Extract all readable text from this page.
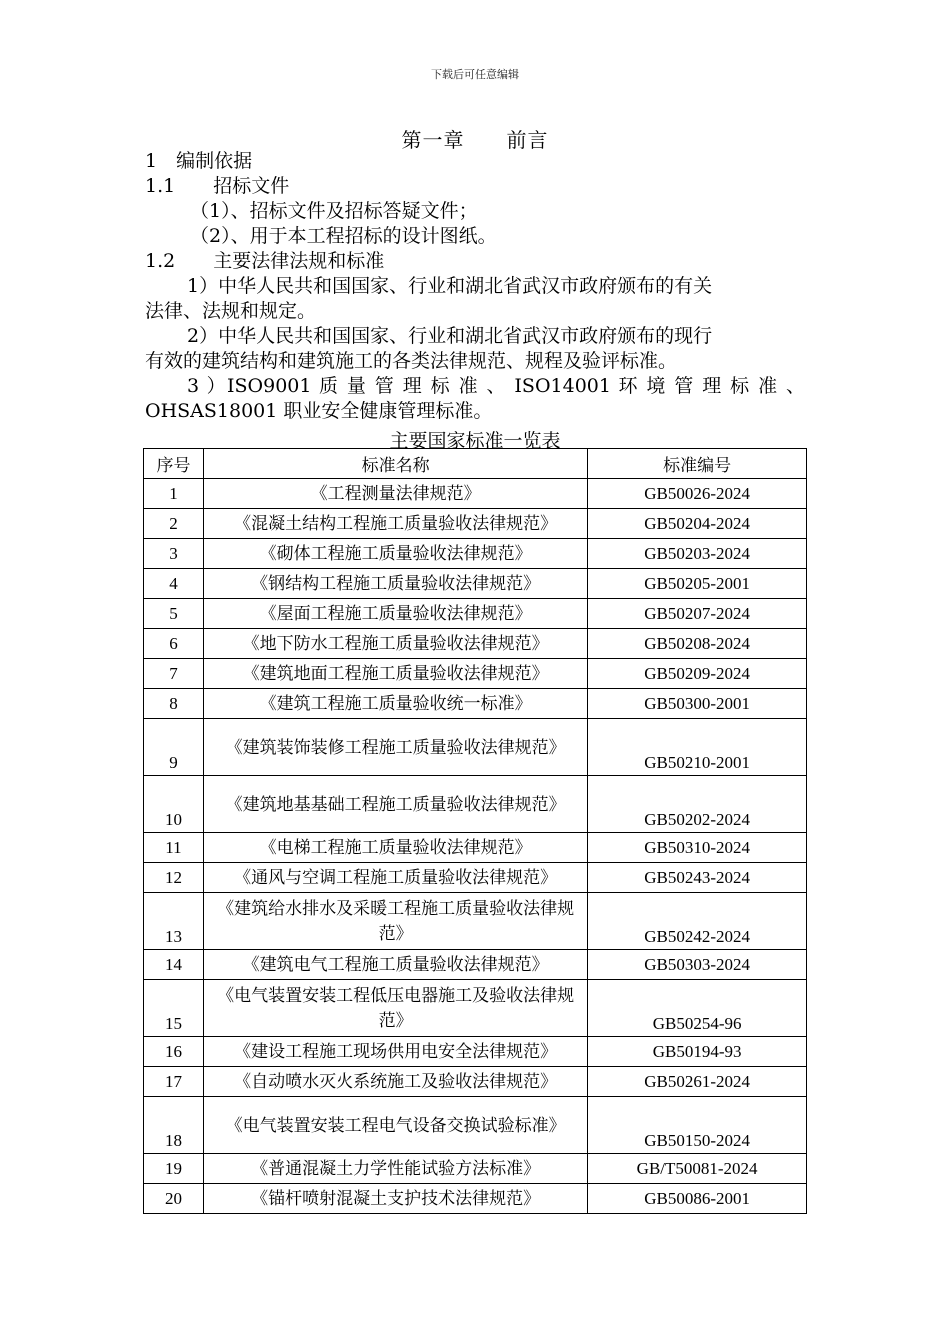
下载后可任意编辑
第一章　　前言
1　编制依据
1.1　　招标文件
（1）、招标文件及招标答疑文件；
（2）、用于本工程招标的设计图纸。
1.2　　主要法律法规和标准
1）中华人民共和国国家、行业和湖北省武汉市政府颁布的有关
法律、法规和规定。
2）中华人民共和国国家、行业和湖北省武汉市政府颁布的现行
有效的建筑结构和建筑施工的各类法律规范、规程及验评标准。
3 ）ISO9001 质 量 管 理 标 准 、 ISO14001 环 境 管 理 标 准 、
OHSAS18001 职业安全健康管理标准。
主要国家标准一览表
序号	标准名称	标准编号
1	《工程测量法律规范》	GB50026-2024
2	《混凝土结构工程施工质量验收法律规范》	GB50204-2024
3	《砌体工程施工质量验收法律规范》	GB50203-2024
4	《钢结构工程施工质量验收法律规范》	GB50205-2001
5	《屋面工程施工质量验收法律规范》	GB50207-2024
6	《地下防水工程施工质量验收法律规范》	GB50208-2024
7	《建筑地面工程施工质量验收法律规范》	GB50209-2024
8	《建筑工程施工质量验收统一标准》	GB50300-2001
9	《建筑装饰装修工程施工质量验收法律规范》	GB50210-2001
10	《建筑地基基础工程施工质量验收法律规范》	GB50202-2024
11	《电梯工程施工质量验收法律规范》	GB50310-2024
12	《通风与空调工程施工质量验收法律规范》	GB50243-2024
13	《建筑给水排水及采暖工程施工质量验收法律规范》	GB50242-2024
14	《建筑电气工程施工质量验收法律规范》	GB50303-2024
15	《电气装置安装工程低压电器施工及验收法律规范》	GB50254-96
16	《建设工程施工现场供用电安全法律规范》	GB50194-93
17	《自动喷水灭火系统施工及验收法律规范》	GB50261-2024
18	《电气装置安装工程电气设备交换试验标准》	GB50150-2024
19	《普通混凝土力学性能试验方法标准》	GB/T50081-2024
20	《锚杆喷射混凝土支护技术法律规范》	GB50086-2001
